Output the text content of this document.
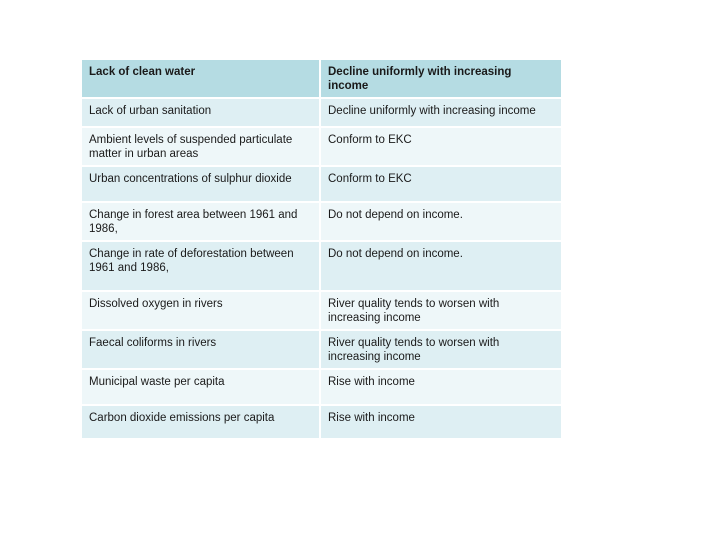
Lack of clean water	Decline uniformly with increasing income
Lack of urban sanitation	Decline uniformly with increasing income
Ambient levels of suspended particulate matter in urban areas	Conform to EKC
Urban concentrations of sulphur dioxide	Conform to EKC
Change in forest area between 1961 and 1986,	Do not depend on income.
Change in rate of deforestation between 1961 and 1986,	Do not depend on income.
Dissolved oxygen in rivers	River quality tends to worsen with increasing income
Faecal coliforms in rivers	River quality tends to worsen with increasing income
Municipal waste per capita	Rise with income
Carbon dioxide emissions per capita	Rise with income
